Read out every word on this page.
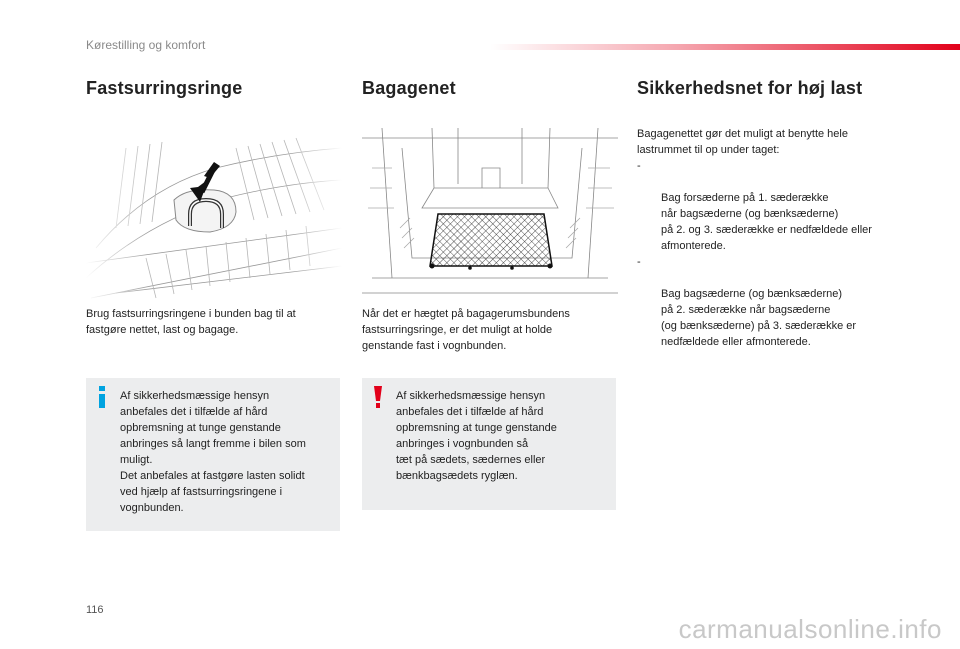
Kørestilling og komfort
Fastsurringsringe
Brug fastsurringsringene i bunden bag til at
fastgøre nettet, last og bagage.
Af sikkerhedsmæssige hensyn
anbefales det i tilfælde af hård
opbremsning at tunge genstande
anbringes så langt fremme i bilen som
muligt.
Det anbefales at fastgøre lasten solidt
ved hjælp af fastsurringsringene i
vognbunden.
Bagagenet
Når det er hægtet på bagagerumsbundens
fastsurringsringe, er det muligt at holde
genstande fast i vognbunden.
Af sikkerhedsmæssige hensyn
anbefales det i tilfælde af hård
opbremsning at tunge genstande
anbringes i vognbunden så
tæt på sædets, sædernes eller
bænkbagsædets ryglæn.
Sikkerhedsnet for høj last
Bagagenettet gør det muligt at benytte hele
lastrummet til op under taget:

-

Bag forsæderne på 1. sæderække
når bagsæderne (og bænksæderne)
på 2. og 3. sæderække er nedfældede eller
afmonterede.

-

Bag bagsæderne (og bænksæderne)
på 2. sæderække når bagsæderne
(og bænksæderne) på 3. sæderække er
nedfældede eller afmonterede.

116
carmanualsonline.info
